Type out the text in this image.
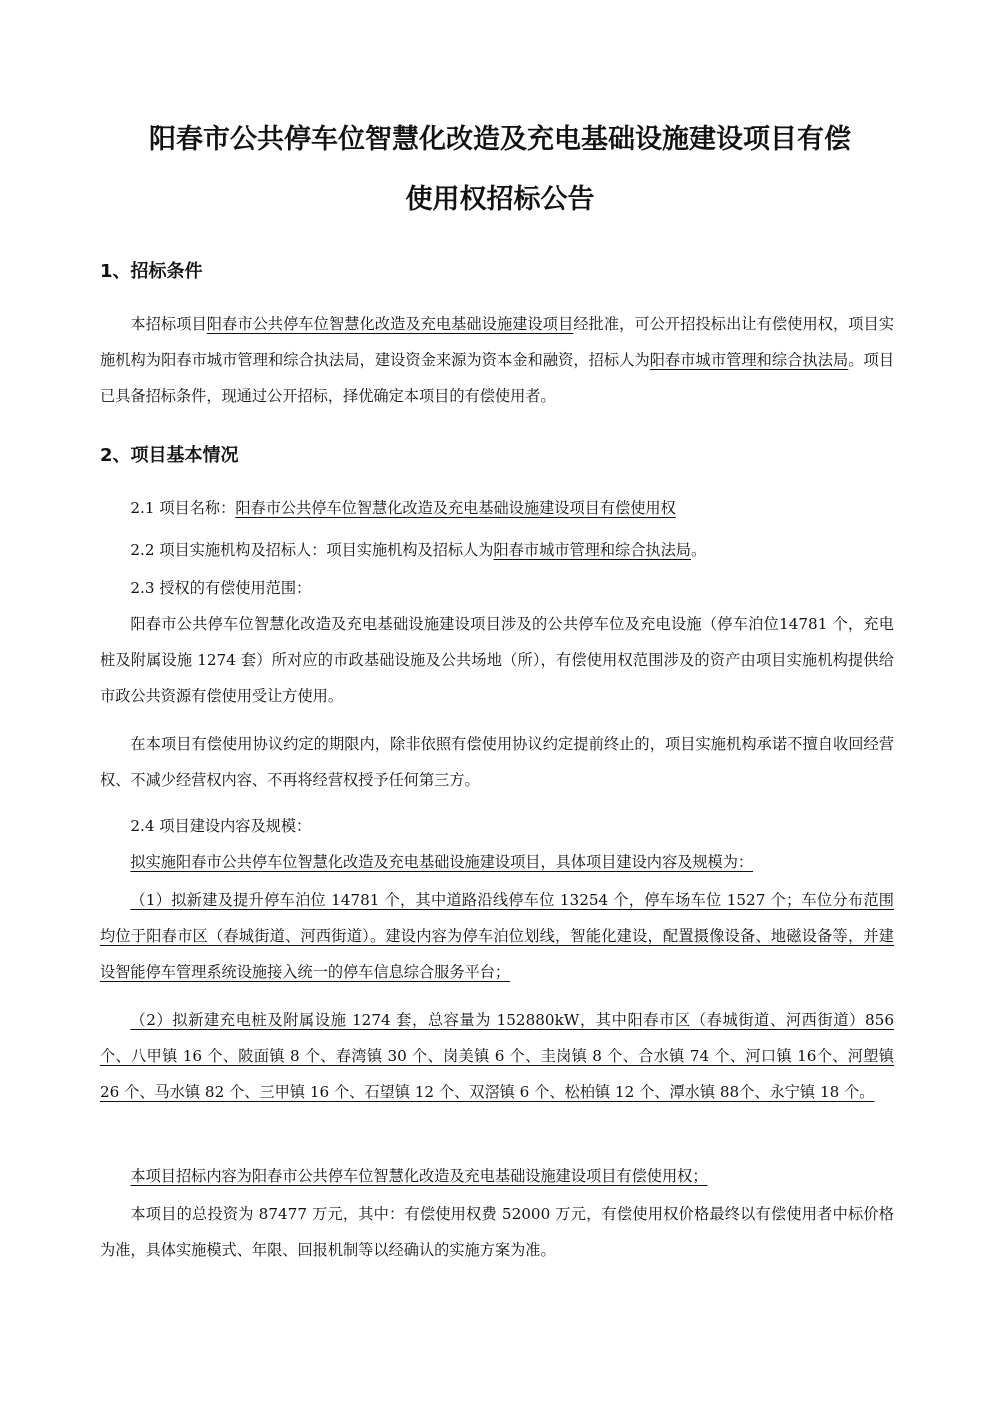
阳春市公共停车位智慧化改造及充电基础设施建设项目有偿
使用权招标公告
1、招标条件

本招标项目阳春市公共停车位智慧化改造及充电基础设施建设项目经批准，可公开招投标出让有偿使用权，项目实施机构为阳春市城市管理和综合执法局，建设资金来源为资本金和融资，招标人为阳春市城市管理和综合执法局。项目已具备招标条件，现通过公开招标，择优确定本项目的有偿使用者。

2、项目基本情况

2.1 项目名称：阳春市公共停车位智慧化改造及充电基础设施建设项目有偿使用权

2.2 项目实施机构及招标人：项目实施机构及招标人为阳春市城市管理和综合执法局。

2.3 授权的有偿使用范围：

阳春市公共停车位智慧化改造及充电基础设施建设项目涉及的公共停车位及充电设施（停车泊位14781 个，充电桩及附属设施 1274 套）所对应的市政基础设施及公共场地（所），有偿使用权范围涉及的资产由项目实施机构提供给市政公共资源有偿使用受让方使用。

在本项目有偿使用协议约定的期限内，除非依照有偿使用协议约定提前终止的，项目实施机构承诺不擅自收回经营权、不减少经营权内容、不再将经营权授予任何第三方。

2.4 项目建设内容及规模：

拟实施阳春市公共停车位智慧化改造及充电基础设施建设项目，具体项目建设内容及规模为：

（1）拟新建及提升停车泊位 14781 个，其中道路沿线停车位 13254 个，停车场车位 1527 个；车位分布范围均位于阳春市区（春城街道、河西街道）。建设内容为停车泊位划线，智能化建设，配置摄像设备、地磁设备等，并建设智能停车管理系统设施接入统一的停车信息综合服务平台；

（2）拟新建充电桩及附属设施 1274 套，总容量为 152880kW，其中阳春市区（春城街道、河西街道）856 个、八甲镇 16 个、陂面镇 8 个、春湾镇 30 个、岗美镇 6 个、圭岗镇 8 个、合水镇 74 个、河口镇 16个、河塱镇 26 个、马水镇 82 个、三甲镇 16 个、石望镇 12 个、双滘镇 6 个、松柏镇 12 个、潭水镇 88个、永宁镇 18 个。

本项目招标内容为阳春市公共停车位智慧化改造及充电基础设施建设项目有偿使用权；

本项目的总投资为 87477 万元，其中：有偿使用权费 52000 万元，有偿使用权价格最终以有偿使用者中标价格为准，具体实施模式、年限、回报机制等以经确认的实施方案为准。
